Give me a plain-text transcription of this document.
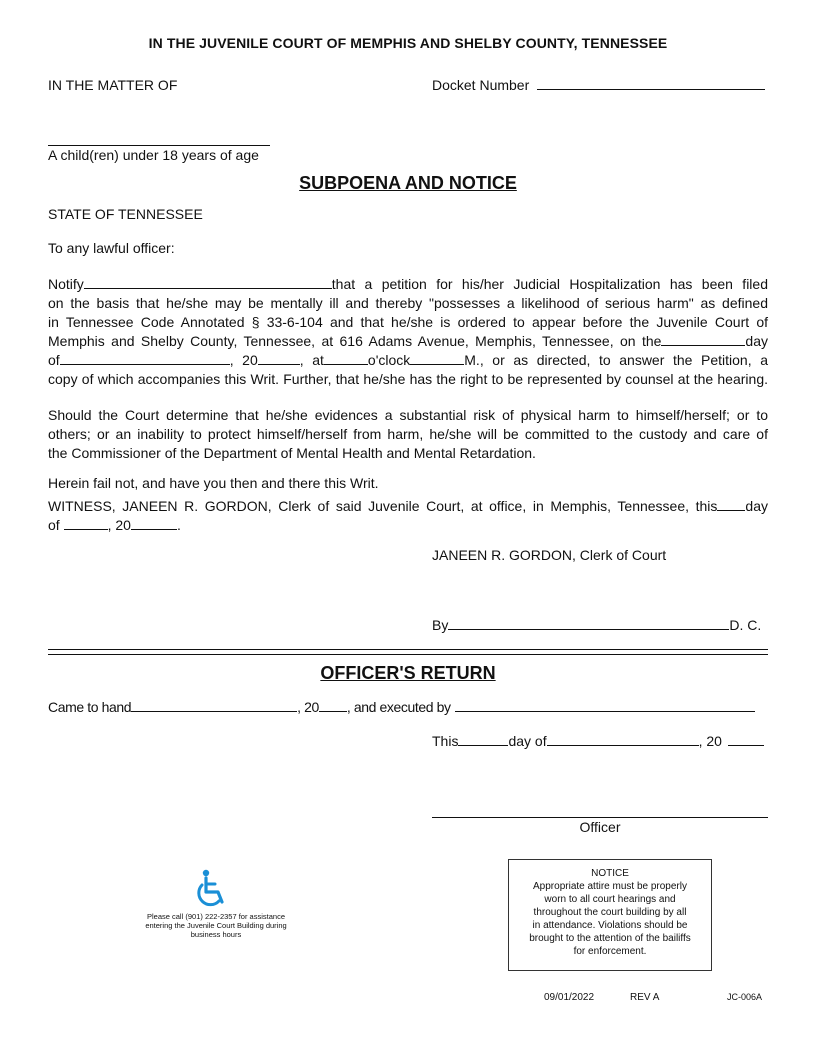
IN THE JUVENILE COURT OF MEMPHIS AND SHELBY COUNTY, TENNESSEE
IN THE MATTER OF	Docket Number
A child(ren) under 18 years of age
SUBPOENA AND NOTICE
STATE OF TENNESSEE
To any lawful officer:
Notify	that a petition for his/her Judicial Hospitalization has been filed
on the basis that he/she may be mentally ill and thereby "possesses a likelihood of serious harm" as defined
in Tennessee Code Annotated § 33-6-104 and that he/she is ordered to appear before the Juvenile Court of
Memphis and Shelby County, Tennessee, at 616 Adams Avenue, Memphis, Tennessee, on the	day
of	, 20	, at	o'clock	M., or as directed, to answer the Petition, a
copy of which accompanies this Writ. Further, that he/she has the right to be represented by counsel at the hearing.
Should the Court determine that he/she evidences a substantial risk of physical harm to himself/herself; or to
others; or an inability to protect himself/herself from harm, he/she will be committed to the custody and care of
the Commissioner of the Department of Mental Health and Mental Retardation.
Herein fail not, and have you then and there this Writ.
WITNESS, JANEEN R. GORDON, Clerk of said Juvenile Court, at office, in Memphis, Tennessee, this day
of	, 20	.
JANEEN R. GORDON, Clerk of Court
By	D. C.
OFFICER'S RETURN
Came to hand	, 20 , and executed by
This	day of	, 20
Officer
Please call (901) 222-2357 for assistance
entering the Juvenile Court Building during
business hours
NOTICE
Appropriate attire must be properly
worn to all court hearings and
throughout the court building by all
in attendance. Violations should be
brought to the attention of the bailiffs
for enforcement.
09/01/2022	REV A	JC-006A
